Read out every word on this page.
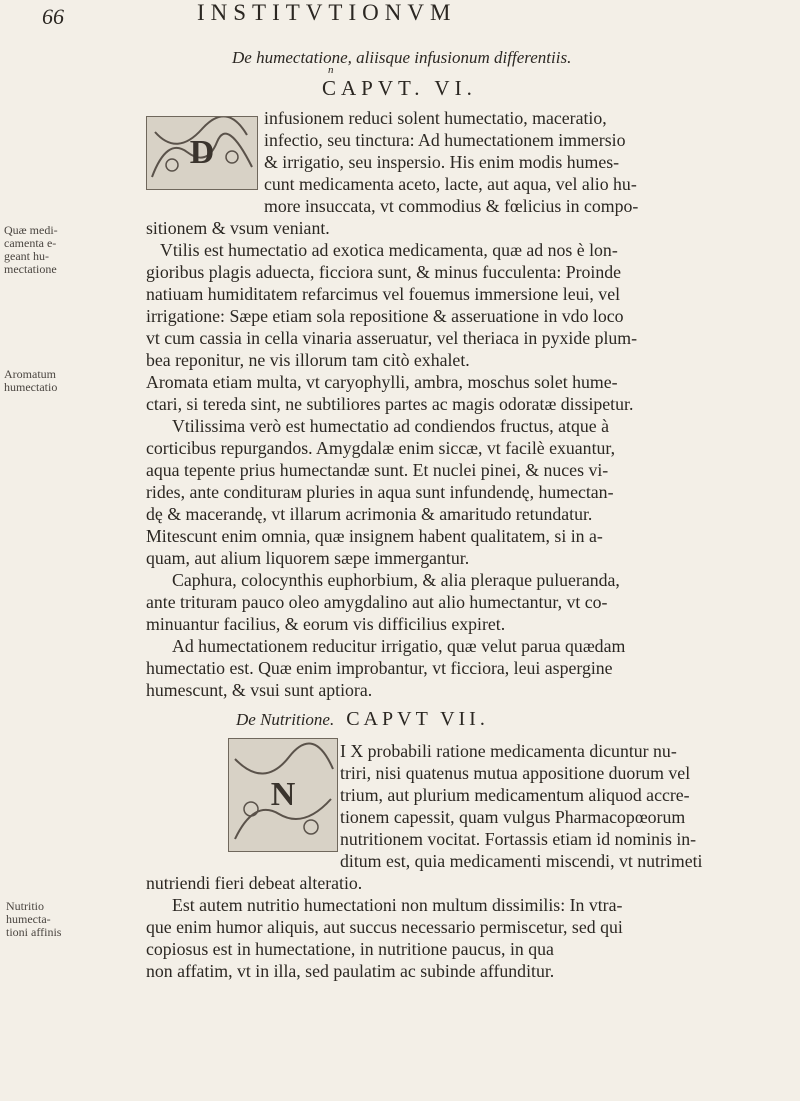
66	INSTITVTIONVM
De humectatione, aliisque infusionum differentiis.
n
CAPVT. VI.
D
infusionem reduci solent humectatio, maceratio,
infectio, seu tinctura: Ad humectationem immersio
& irrigatio, seu inspersio. His enim modis humes-
cunt medicamenta aceto, lacte, aut aqua, vel alio hu-
more insuccata, vt commodius & fœlicius in compo-
sitionem & vsum veniant.
Vtilis est humectatio ad exotica medicamenta, quæ ad nos è lon-
gioribus plagis aduecta, ficciora sunt, & minus fucculenta: Proinde
natiuam humiditatem refarcimus vel fouemus immersione leui, vel
irrigatione: Sæpe etiam sola repositione & asseruatione in vdo loco
vt cum cassia in cella vinaria asseruatur, vel theriaca in pyxide plum-
bea reponitur, ne vis illorum tam citò exhalet.
Aromata etiam multa, vt caryophylli, ambra, moschus solet hume-
ctari, si tereda sint, ne subtiliores partes ac magis odoratæ dissipetur.
Vtilissima verò est humectatio ad condiendos fructus, atque à
corticibus repurgandos. Amygdalæ enim siccæ, vt facilè exuantur,
aqua tepente prius humectandæ sunt. Et nuclei pinei, & nuces vi-
rides, ante conditurам pluries in aqua sunt infundendę, humectan-
dę & macerandę, vt illarum acrimonia & amaritudo retundatur.
Mitescunt enim omnia, quæ insignem habent qualitatem, si in a-
quam, aut alium liquorem sæpe immergantur.
Caphura, colocynthis euphorbium, & alia pleraque pulueranda,
ante trituram pauco oleo amygdalino aut alio humectantur, vt co-
minuantur facilius, & eorum vis difficilius expiret.
Ad humectationem reducitur irrigatio, quæ velut parua quædam
humectatio est. Quæ enim improbantur, vt ficciora, leui aspergine
humescunt, & vsui sunt aptiora.
Quæ medi-
camenta e-
geant hu-
mectatione
Aromatum
humectatio
De Nutritione. CAPVT VII.
N
I X probabili ratione medicamenta dicuntur nu-
triri, nisi quatenus mutua appositione duorum vel
trium, aut plurium medicamentum aliquod accre-
tionem capessit, quam vulgus Pharmacopœorum
nutritionem vocitat. Fortassis etiam id nominis in-
ditum est, quia medicamenti miscendi, vt nutrimeti
nutriendi fieri debeat alteratio.
Est autem nutritio humectationi non multum dissimilis: In vtra-
que enim humor aliquis, aut succus necessario permiscetur, sed qui
copiosus est in humectatione, in nutritione paucus, in qua
non affatim, vt in illa, sed paulatim ac subinde affunditur.
Nutritio
humecta-
tioni affinis
